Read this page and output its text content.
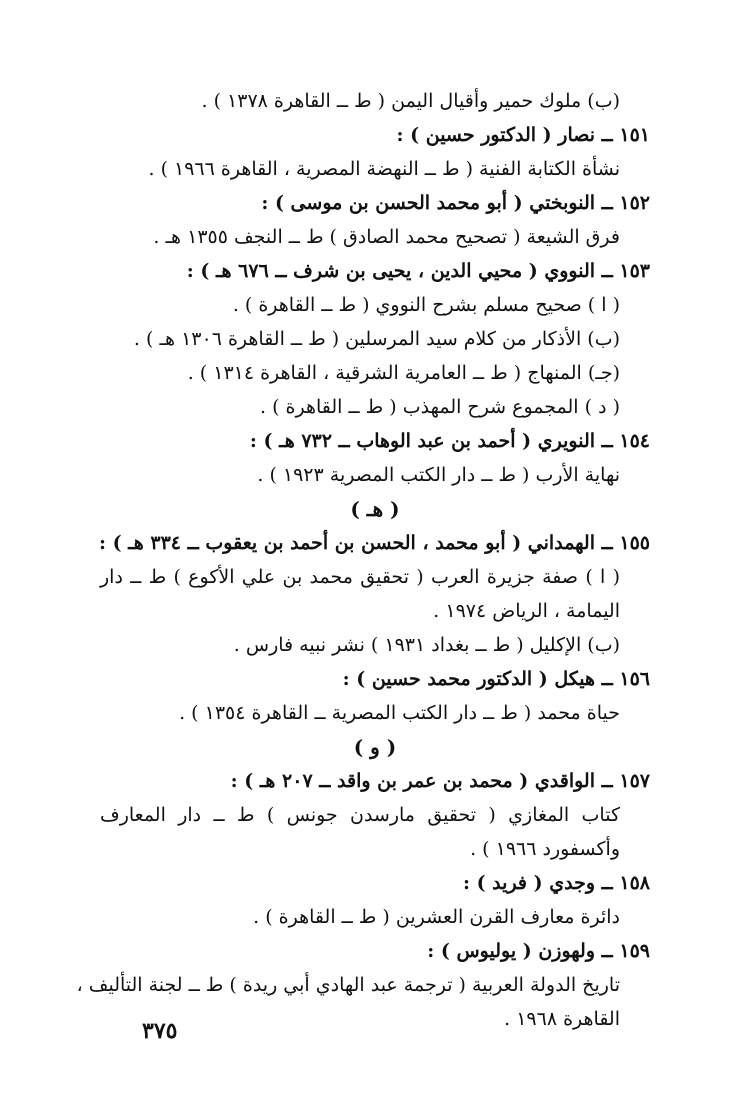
(ب) ملوك حمير وأقيال اليمن ( ط ــ القاهرة ١٣٧٨ ) .
١٥١ ــ نصار ( الدكتور حسين ) :
نشأة الكتابة الفنية ( ط ــ النهضة المصرية ، القاهرة ١٩٦٦ ) .
١٥٢ ــ النوبختي ( أبو محمد الحسن بن موسى ) :
فرق الشيعة ( تصحيح محمد الصادق ) ط ــ النجف ١٣٥٥ هـ .
١٥٣ ــ النووي ( محيي الدين ، يحيى بن شرف ــ ٦٧٦ هـ ) :
( ا ) صحيح مسلم بشرح النووي ( ط ــ القاهرة ) .
(ب) الأذكار من كلام سيد المرسلين ( ط ــ القاهرة ١٣٠٦ هـ ) .
(جـ) المنهاج ( ط ــ العامرية الشرقية ، القاهرة ١٣١٤ ) .
( د ) المجموع شرح المهذب ( ط ــ القاهرة ) .
١٥٤ ــ النويري ( أحمد بن عبد الوهاب ــ ٧٣٢ هـ ) :
نهاية الأرب ( ط ــ دار الكتب المصرية ١٩٢٣ ) .
( هـ )
١٥٥ ــ الهمداني ( أبو محمد ، الحسن بن أحمد بن يعقوب ــ ٣٣٤ هـ ) :
( ا ) صفة جزيرة العرب ( تحقيق محمد بن علي الأكوع ) ط ــ دار
اليمامة ، الرياض ١٩٧٤ .
(ب) الإكليل ( ط ــ بغداد ١٩٣١ ) نشر نبيه فارس .
١٥٦ ــ هيكل ( الدكتور محمد حسين ) :
حياة محمد ( ط ــ دار الكتب المصرية ــ القاهرة ١٣٥٤ ) .
( و )
١٥٧ ــ الواقدي ( محمد بن عمر بن واقد ــ ٢٠٧ هـ ) :
كتاب المغازي ( تحقيق مارسدن جونس ) ط ــ دار المعارف
وأكسفورد ١٩٦٦ ) .
١٥٨ ــ وجدي ( فريد ) :
دائرة معارف القرن العشرين ( ط ــ القاهرة ) .
١٥٩ ــ ولهوزن ( يوليوس ) :
تاريخ الدولة العربية ( ترجمة عبد الهادي أبي ريدة ) ط ــ لجنة التأليف ،
القاهرة ١٩٦٨ .
٣٧٥
